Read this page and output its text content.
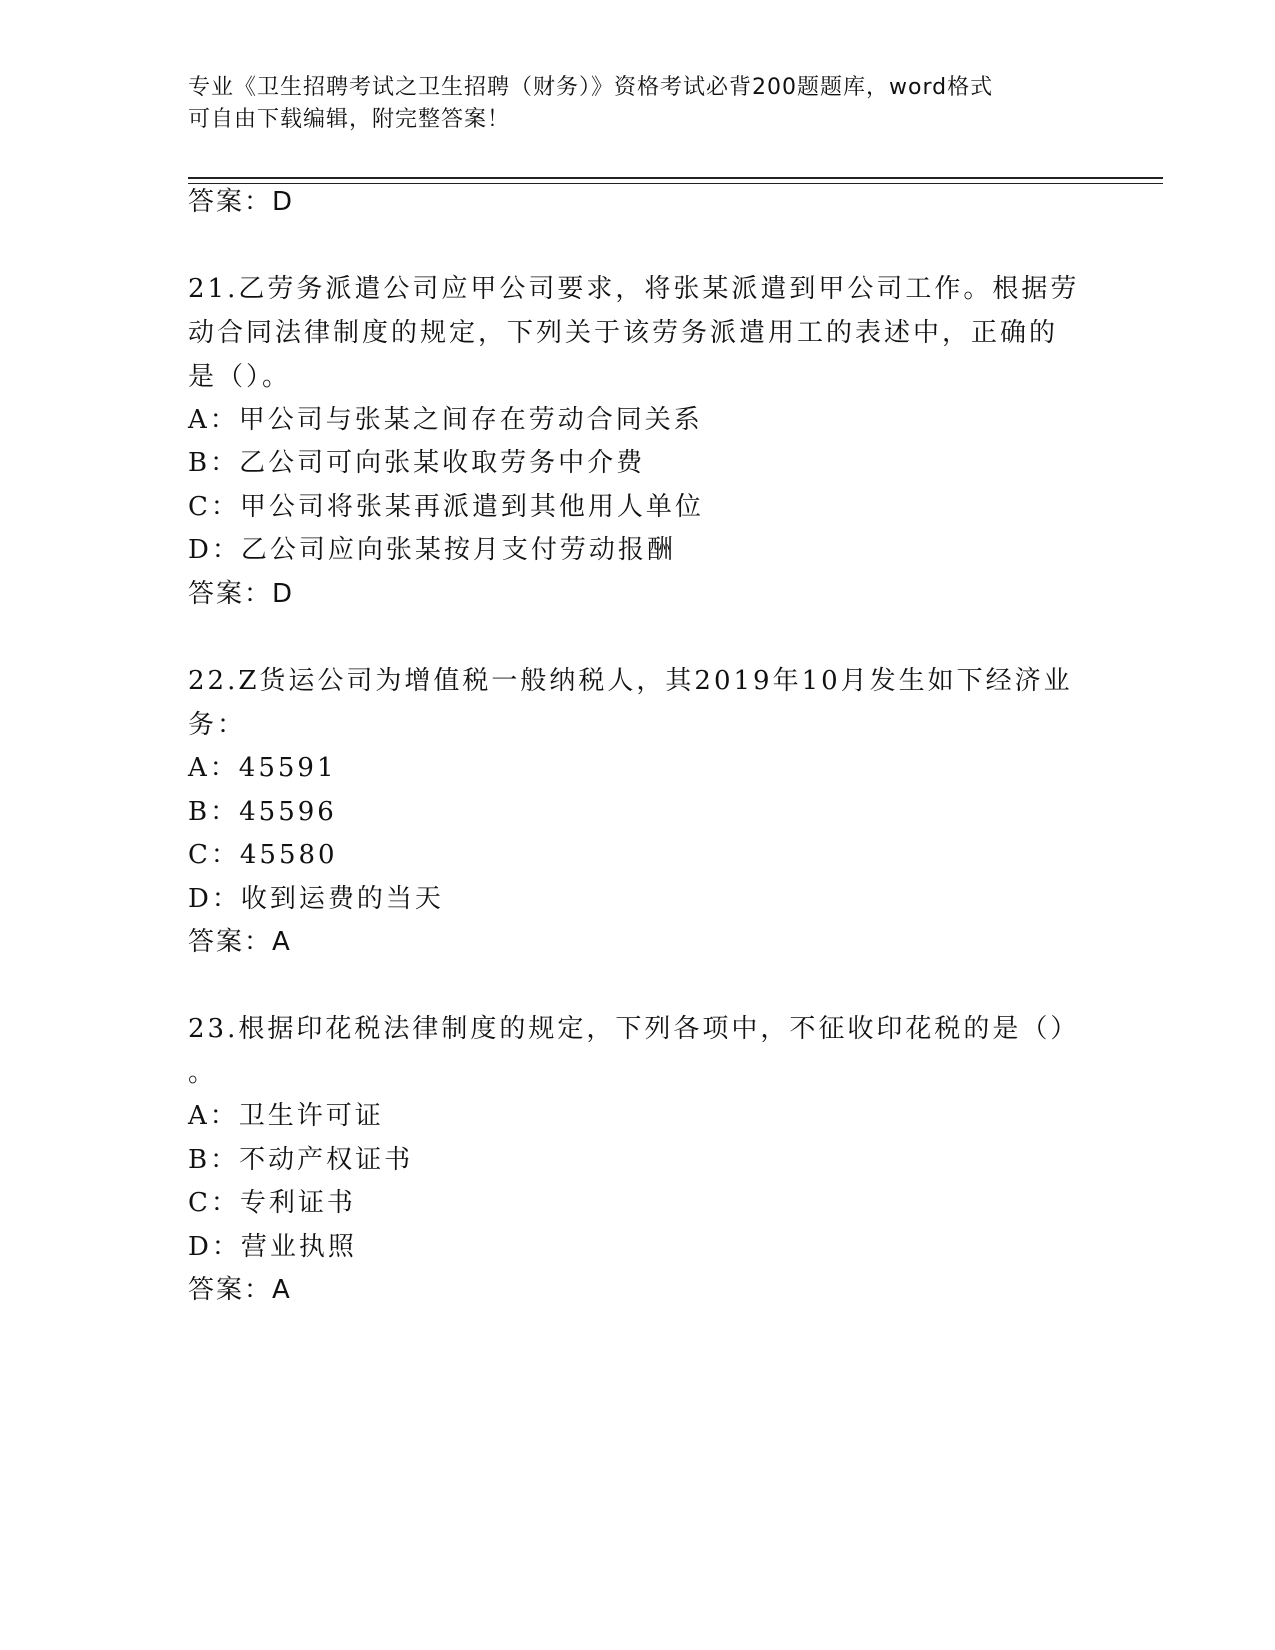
专业《卫生招聘考试之卫生招聘（财务）》资格考试必背200题题库，word格式
可自由下载编辑，附完整答案！
答案：D
21.乙劳务派遣公司应甲公司要求，将张某派遣到甲公司工作。根据劳
动合同法律制度的规定，下列关于该劳务派遣用工的表述中，正确的
是（）。
A：甲公司与张某之间存在劳动合同关系
B：乙公司可向张某收取劳务中介费
C：甲公司将张某再派遣到其他用人单位
D：乙公司应向张某按月支付劳动报酬
答案：D
22.Z货运公司为增值税一般纳税人，其2019年10月发生如下经济业
务：
A：45591
B：45596
C：45580
D：收到运费的当天
答案：A
23.根据印花税法律制度的规定，下列各项中，不征收印花税的是（）
。
A：卫生许可证
B：不动产权证书
C：专利证书
D：营业执照
答案：A
